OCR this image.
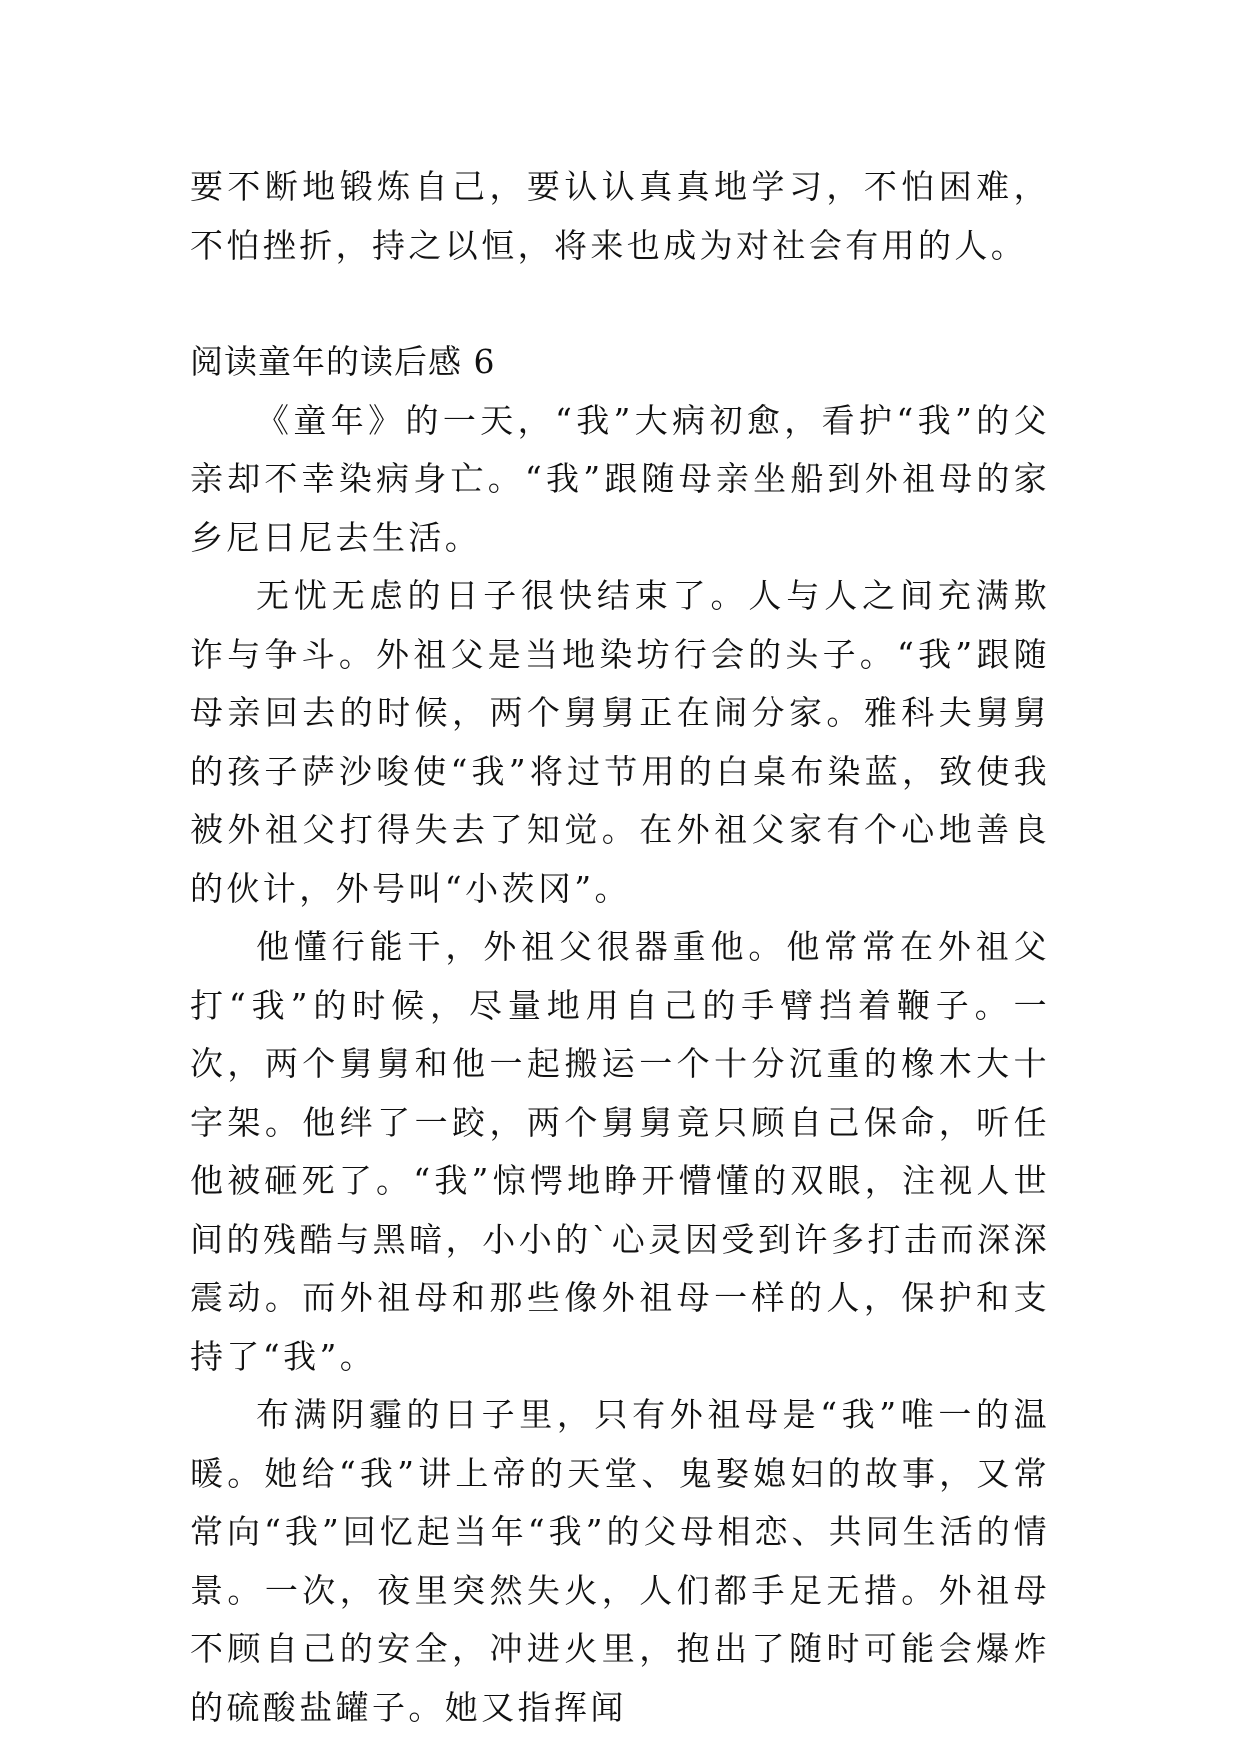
要不断地锻炼自己，要认认真真地学习，不怕困难，不怕挫折，持之以恒，将来也成为对社会有用的人。

阅读童年的读后感 6

《童年》的一天，“我”大病初愈，看护“我”的父亲却不幸染病身亡。“我”跟随母亲坐船到外祖母的家乡尼日尼去生活。

无忧无虑的日子很快结束了。人与人之间充满欺诈与争斗。外祖父是当地染坊行会的头子。“我”跟随母亲回去的时候，两个舅舅正在闹分家。雅科夫舅舅的孩子萨沙唆使“我”将过节用的白桌布染蓝，致使我被外祖父打得失去了知觉。在外祖父家有个心地善良的伙计，外号叫“小茨冈”。

他懂行能干，外祖父很器重他。他常常在外祖父打“我”的时候，尽量地用自己的手臂挡着鞭子。一次，两个舅舅和他一起搬运一个十分沉重的橡木大十字架。他绊了一跤，两个舅舅竟只顾自己保命，听任他被砸死了。“我”惊愕地睁开懵懂的双眼，注视人世间的残酷与黑暗，小小的`心灵因受到许多打击而深深震动。而外祖母和那些像外祖母一样的人，保护和支持了“我”。

布满阴霾的日子里，只有外祖母是“我”唯一的温暖。她给“我”讲上帝的天堂、鬼娶媳妇的故事，又常常向“我”回忆起当年“我”的父母相恋、共同生活的情景。一次，夜里突然失火，人们都手足无措。外祖母不顾自己的安全，冲进火里，抱出了随时可能会爆炸的硫酸盐罐子。她又指挥闻
